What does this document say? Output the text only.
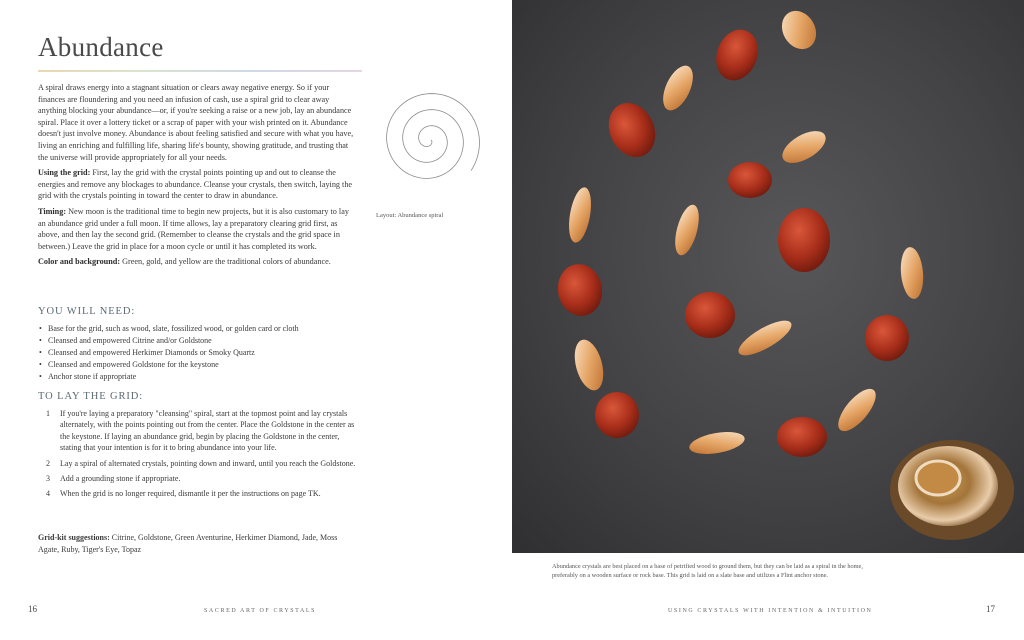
Abundance

A spiral draws energy into a stagnant situation or clears away negative energy. So if your finances are floundering and you need an infusion of cash, use a spiral grid to clear away anything blocking your abundance—or, if you're seeking a raise or a new job, lay an abundance spiral. Place it over a lottery ticket or a scrap of paper with your wish printed on it. Abundance doesn't just involve money. Abundance is about feeling satisfied and secure with what you have, living an enriching and fulfilling life, sharing life's bounty, showing gratitude, and trusting that the universe will provide appropriately for all your needs.

Using the grid: First, lay the grid with the crystal points pointing up and out to cleanse the energies and remove any blockages to abundance. Cleanse your crystals, then switch, laying the grid with the crystals pointing in toward the center to draw in abundance.

Timing: New moon is the traditional time to begin new projects, but it is also customary to lay an abundance grid under a full moon. If time allows, lay a preparatory clearing grid first, as above, and then lay the second grid. (Remember to cleanse the crystals and the grid space in between.) Leave the grid in place for a moon cycle or until it has completed its work.

Color and background: Green, gold, and yellow are the traditional colors of abundance.

YOU WILL NEED:
• Base for the grid, such as wood, slate, fossilized wood, or golden card or cloth
• Cleansed and empowered Citrine and/or Goldstone
• Cleansed and empowered Herkimer Diamonds or Smoky Quartz
• Cleansed and empowered Goldstone for the keystone
• Anchor stone if appropriate
TO LAY THE GRID:
1 If you're laying a preparatory "cleansing" spiral, start at the topmost point and lay crystals alternately, with the points pointing out from the center. Place the Goldstone in the center as the keystone. If laying an abundance grid, begin by placing the Goldstone in the center, stating that your intention is for it to bring abundance into your life.
2 Lay a spiral of alternated crystals, pointing down and inward, until you reach the Goldstone.
3 Add a grounding stone if appropriate.
4 When the grid is no longer required, dismantle it per the instructions on page TK.
Grid-kit suggestions: Citrine, Goldstone, Green Aventurine, Herkimer Diamond, Jade, Moss Agate, Ruby, Tiger's Eye, Topaz
Layout: Abundance spiral
16	SACRED ART OF CRYSTALS
Abundance crystals are best placed on a base of petrified wood to ground them, but they can be laid as a spiral in the home, preferably on a wooden surface or rock base. This grid is laid on a slate base and utilizes a Flint anchor stone.
USING CRYSTALS WITH INTENTION & INTUITION	17
